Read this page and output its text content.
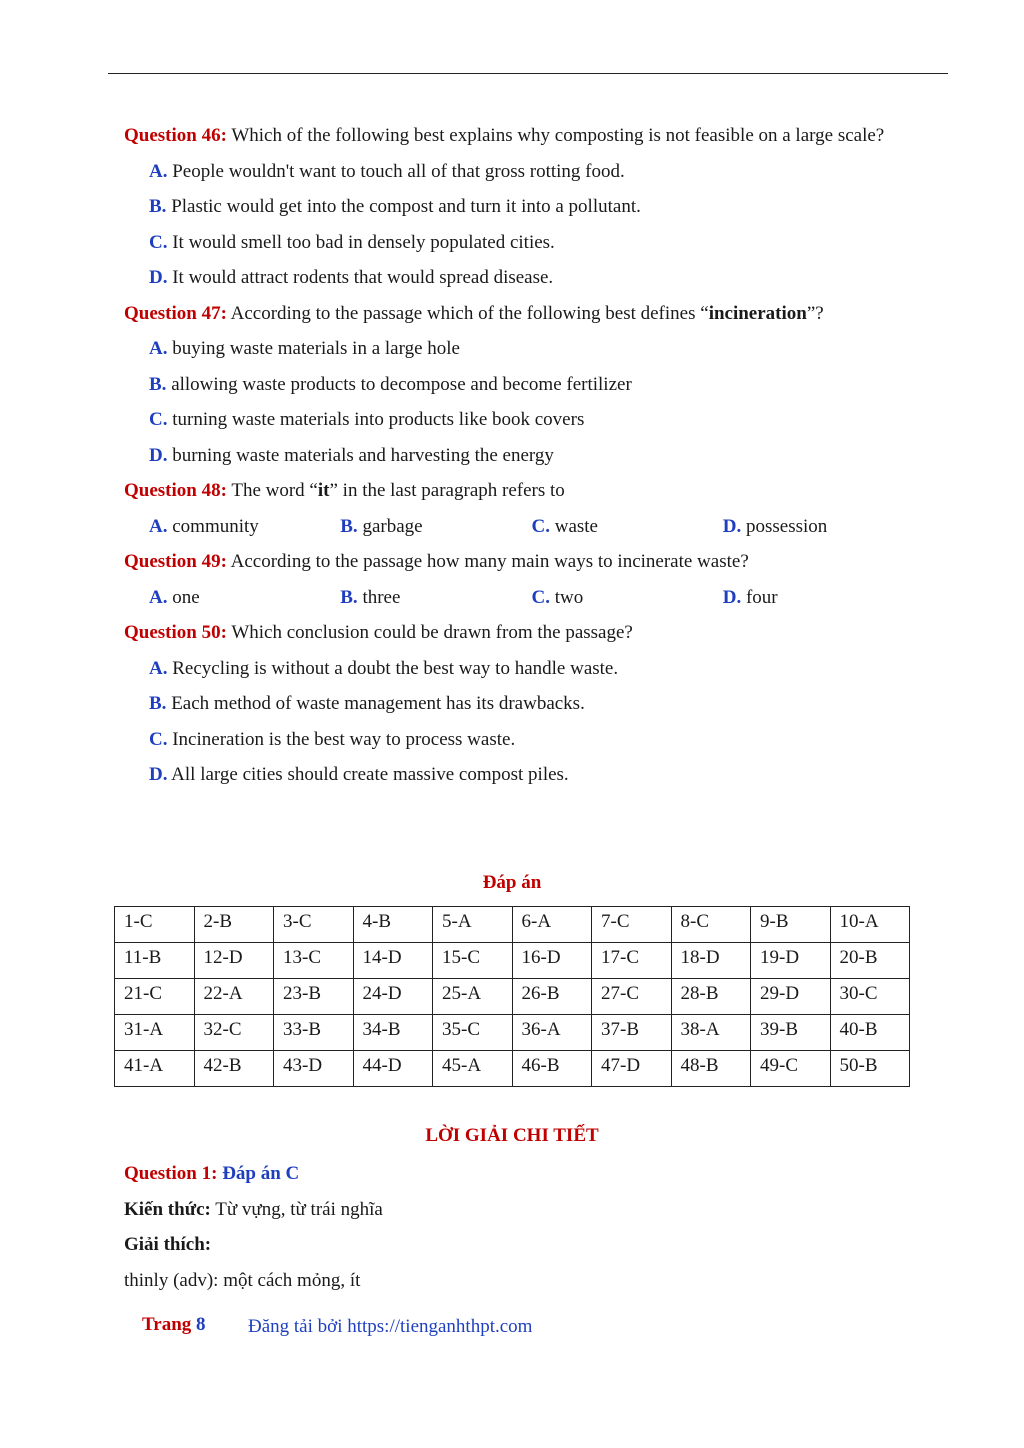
Question 46: Which of the following best explains why composting is not feasible on a large scale?
A. People wouldn't want to touch all of that gross rotting food.
B. Plastic would get into the compost and turn it into a pollutant.
C. It would smell too bad in densely populated cities.
D. It would attract rodents that would spread disease.
Question 47: According to the passage which of the following best defines “incineration”?
A. buying waste materials in a large hole
B. allowing waste products to decompose and become fertilizer
C. turning waste materials into products like book covers
D. burning waste materials and harvesting the energy
Question 48: The word “it” in the last paragraph refers to
A. community	B. garbage	C. waste	D. possession
Question 49: According to the passage how many main ways to incinerate waste?
A. one	B. three	C. two	D. four
Question 50: Which conclusion could be drawn from the passage?
A. Recycling is without a doubt the best way to handle waste.
B. Each method of waste management has its drawbacks.
C. Incineration is the best way to process waste.
D. All large cities should create massive compost piles.
Đáp án
1-C	2-B	3-C	4-B	5-A	6-A	7-C	8-C	9-B	10-A
11-B	12-D	13-C	14-D	15-C	16-D	17-C	18-D	19-D	20-B
21-C	22-A	23-B	24-D	25-A	26-B	27-C	28-B	29-D	30-C
31-A	32-C	33-B	34-B	35-C	36-A	37-B	38-A	39-B	40-B
41-A	42-B	43-D	44-D	45-A	46-B	47-D	48-B	49-C	50-B
LỜI GIẢI CHI TIẾT
Question 1: Đáp án C
Kiến thức: Từ vựng, từ trái nghĩa
Giải thích:
thinly (adv): một cách mỏng, ít
Trang 8 Đăng tải bởi https://tienganhthpt.com
